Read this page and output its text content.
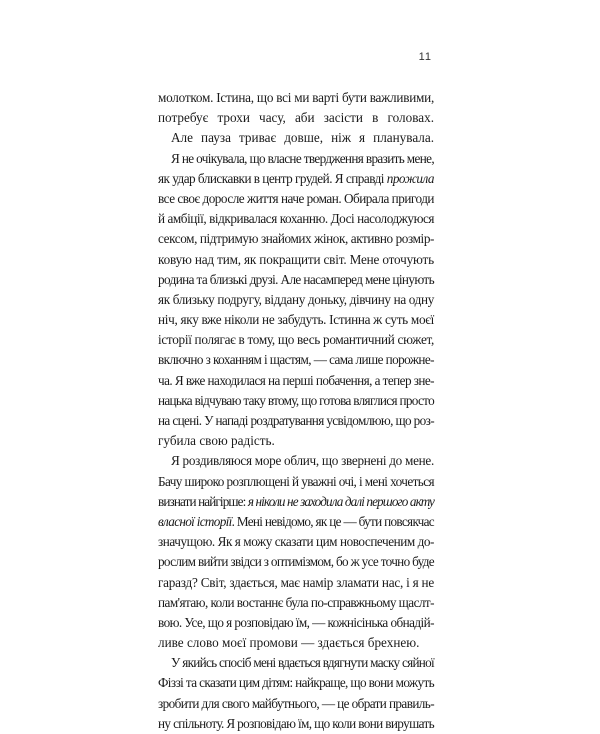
11
молотком. Істина, що всі ми варті бути важливими,
потребує трохи часу, аби засісти в головах.
Але пауза триває довше, ніж я планувала.
Я не очікувала, що власне твердження вразить мене,
як удар блискавки в центр грудей. Я справді прожила
все своє доросле життя наче роман. Обирала пригоди
й амбіції, відкривалася коханню. Досі насолоджуюся
сексом, підтримую знайомих жінок, активно розмір-
ковую над тим, як покращити світ. Мене оточують
родина та близькі друзі. Але насамперед мене цінують
як близьку подругу, віддану доньку, дівчину на одну
ніч, яку вже ніколи не забудуть. Істинна ж суть моєї
історії полягає в тому, що весь романтичний сюжет,
включно з коханням і щастям, — сама лише порожне-
ча. Я вже находилася на перші побачення, а тепер зне-
нацька відчуваю таку втому, що готова вляглися просто
на сцені. У нападі роздратування усвідомлюю, що роз-
губила свою радість.
Я роздивляюся море облич, що звернені до мене.
Бачу широко розплющені й уважні очі, і мені хочеться
визнати найгірше: я ніколи не заходила далі першого акту
власної історії. Мені невідомо, як це — бути повсякчас
значущою. Як я можу сказати цим новоспеченим до-
рослим вийти звідси з оптимізмом, бо ж усе точно буде
гаразд? Світ, здається, має намір зламати нас, і я не
пам'ятаю, коли востаннє була по-справжньому щаслт-
вою. Усе, що я розповідаю їм, — кожнісінька обнадій-
ливе слово моєї промови — здається брехнею.
У якийсь спосіб мені вдається вдягнути маску сяйної
Фіззі та сказати цим дітям: найкраще, що вони можуть
зробити для свого майбутнього, — це обрати правиль-
ну спільноту. Я розповідаю їм, що коли вони вирушать
